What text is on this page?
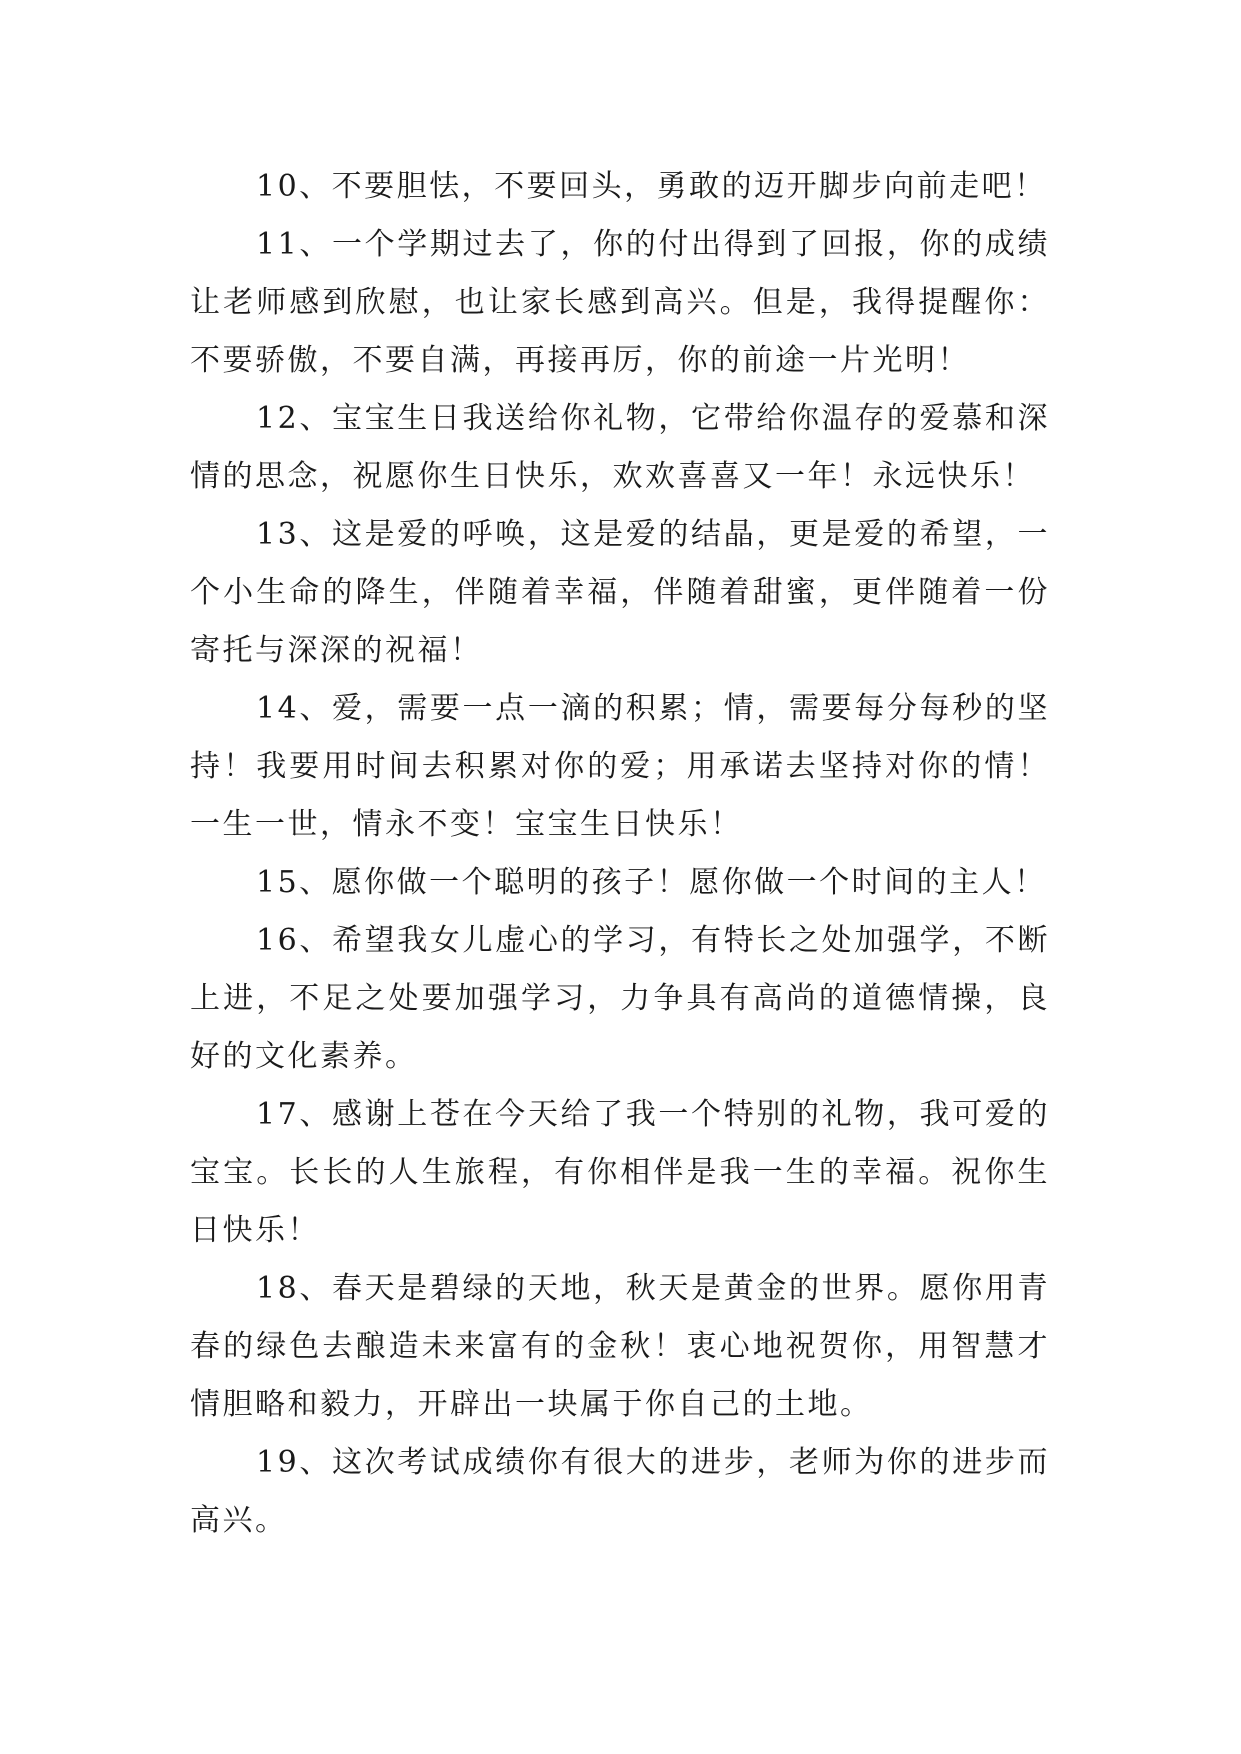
10、不要胆怯，不要回头，勇敢的迈开脚步向前走吧！

11、一个学期过去了，你的付出得到了回报，你的成绩让老师感到欣慰，也让家长感到高兴。但是，我得提醒你：不要骄傲，不要自满，再接再厉，你的前途一片光明！

12、宝宝生日我送给你礼物，它带给你温存的爱慕和深情的思念，祝愿你生日快乐，欢欢喜喜又一年！永远快乐！

13、这是爱的呼唤，这是爱的结晶，更是爱的希望，一个小生命的降生，伴随着幸福，伴随着甜蜜，更伴随着一份寄托与深深的祝福！

14、爱，需要一点一滴的积累；情，需要每分每秒的坚持！我要用时间去积累对你的爱；用承诺去坚持对你的情！一生一世，情永不变！宝宝生日快乐！

15、愿你做一个聪明的孩子！愿你做一个时间的主人！

16、希望我女儿虚心的学习，有特长之处加强学，不断上进，不足之处要加强学习，力争具有高尚的道德情操，良好的文化素养。

17、感谢上苍在今天给了我一个特别的礼物，我可爱的宝宝。长长的人生旅程，有你相伴是我一生的幸福。祝你生日快乐！

18、春天是碧绿的天地，秋天是黄金的世界。愿你用青春的绿色去酿造未来富有的金秋！衷心地祝贺你，用智慧才情胆略和毅力，开辟出一块属于你自己的土地。

19、这次考试成绩你有很大的进步，老师为你的进步而高兴。
